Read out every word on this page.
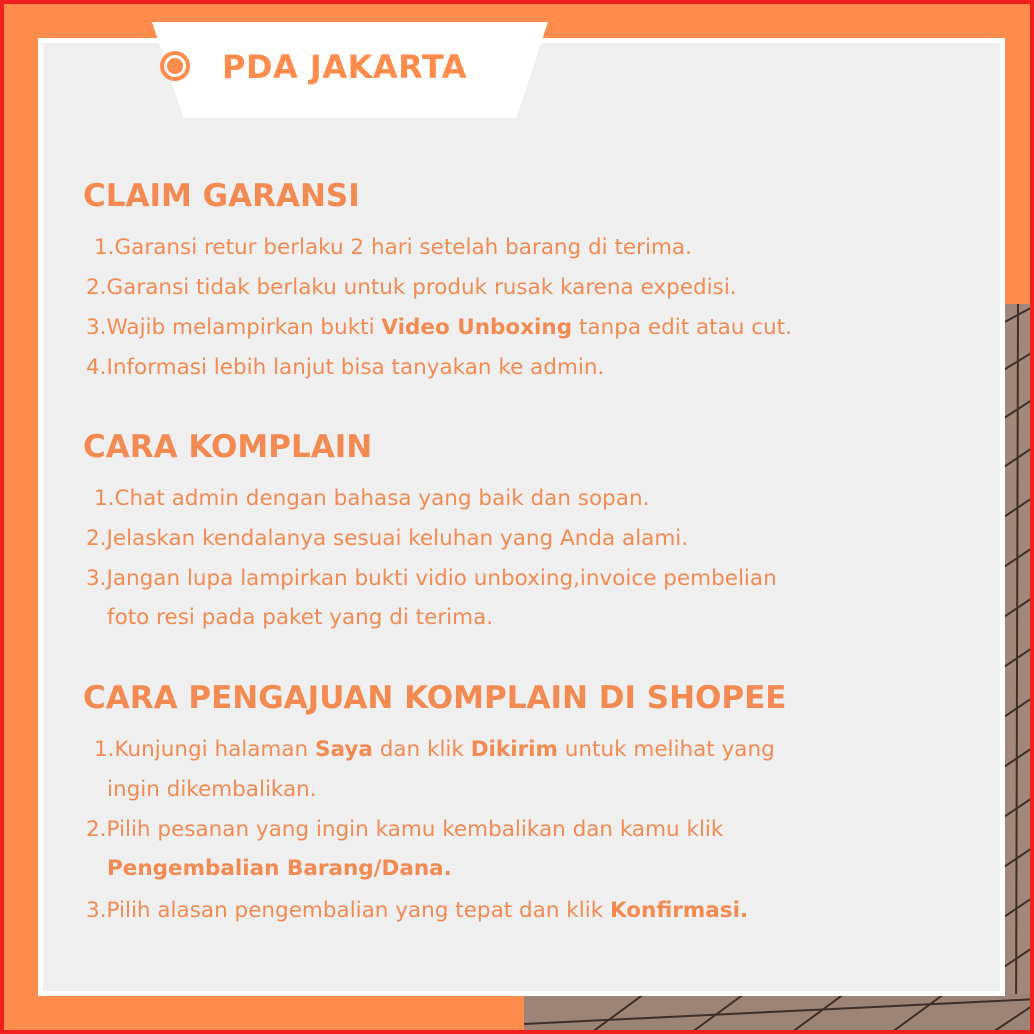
PDA JAKARTA
CLAIM GARANSI
1.Garansi retur berlaku 2 hari setelah barang di terima.
2.Garansi tidak berlaku untuk produk rusak karena expedisi.
3.Wajib melampirkan bukti Video Unboxing tanpa edit atau cut.
4.Informasi lebih lanjut bisa tanyakan ke admin.
CARA KOMPLAIN
1.Chat admin dengan bahasa yang baik dan sopan.
2.Jelaskan kendalanya sesuai keluhan yang Anda alami.
3.Jangan lupa lampirkan bukti vidio unboxing,invoice pembelian
foto resi pada paket yang di terima.
CARA PENGAJUAN KOMPLAIN DI SHOPEE
1.Kunjungi halaman Saya dan klik Dikirim untuk melihat yang
ingin dikembalikan.
2.Pilih pesanan yang ingin kamu kembalikan dan kamu klik
Pengembalian Barang/Dana.
3.Pilih alasan pengembalian yang tepat dan klik Konfirmasi.
